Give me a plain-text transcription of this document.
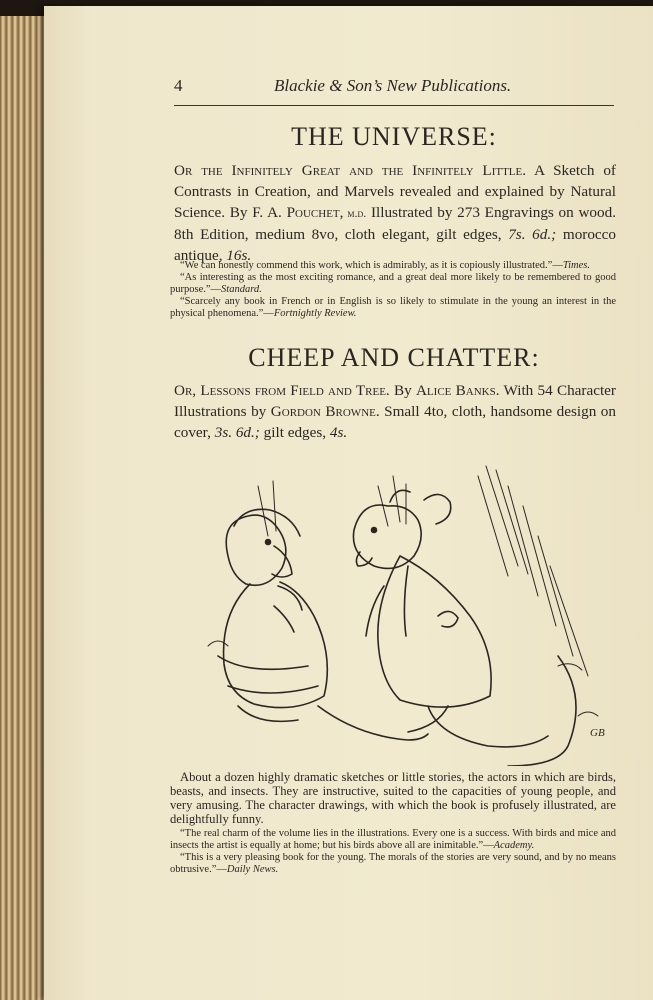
4	Blackie & Son’s New Publications.
THE UNIVERSE:

Or the Infinitely Great and the Infinitely Little. A Sketch of Contrasts in Creation, and Marvels revealed and explained by Natural Science. By F. A. Pouchet, m.d. Illustrated by 273 Engravings on wood. 8th Edition, medium 8vo, cloth elegant, gilt edges, 7s. 6d.; morocco antique, 16s.

“We can honestly commend this work, which is admirably, as it is copiously illustrated.”—Times.

“As interesting as the most exciting romance, and a great deal more likely to be remembered to good purpose.”—Standard.

“Scarcely any book in French or in English is so likely to stimulate in the young an interest in the physical phenomena.”—Fortnightly Review.

CHEEP AND CHATTER:

Or, Lessons from Field and Tree. By Alice Banks. With 54 Character Illustrations by Gordon Browne. Small 4to, cloth, handsome design on cover, 3s. 6d.; gilt edges, 4s.

GB

About a dozen highly dramatic sketches or little stories, the actors in which are birds, beasts, and insects. They are instructive, suited to the capacities of young people, and very amusing. The character drawings, with which the book is profusely illustrated, are delightfully funny.

“The real charm of the volume lies in the illustrations. Every one is a success. With birds and mice and insects the artist is equally at home; but his birds above all are inimitable.”—Academy.

“This is a very pleasing book for the young. The morals of the stories are very sound, and by no means obtrusive.”—Daily News.
